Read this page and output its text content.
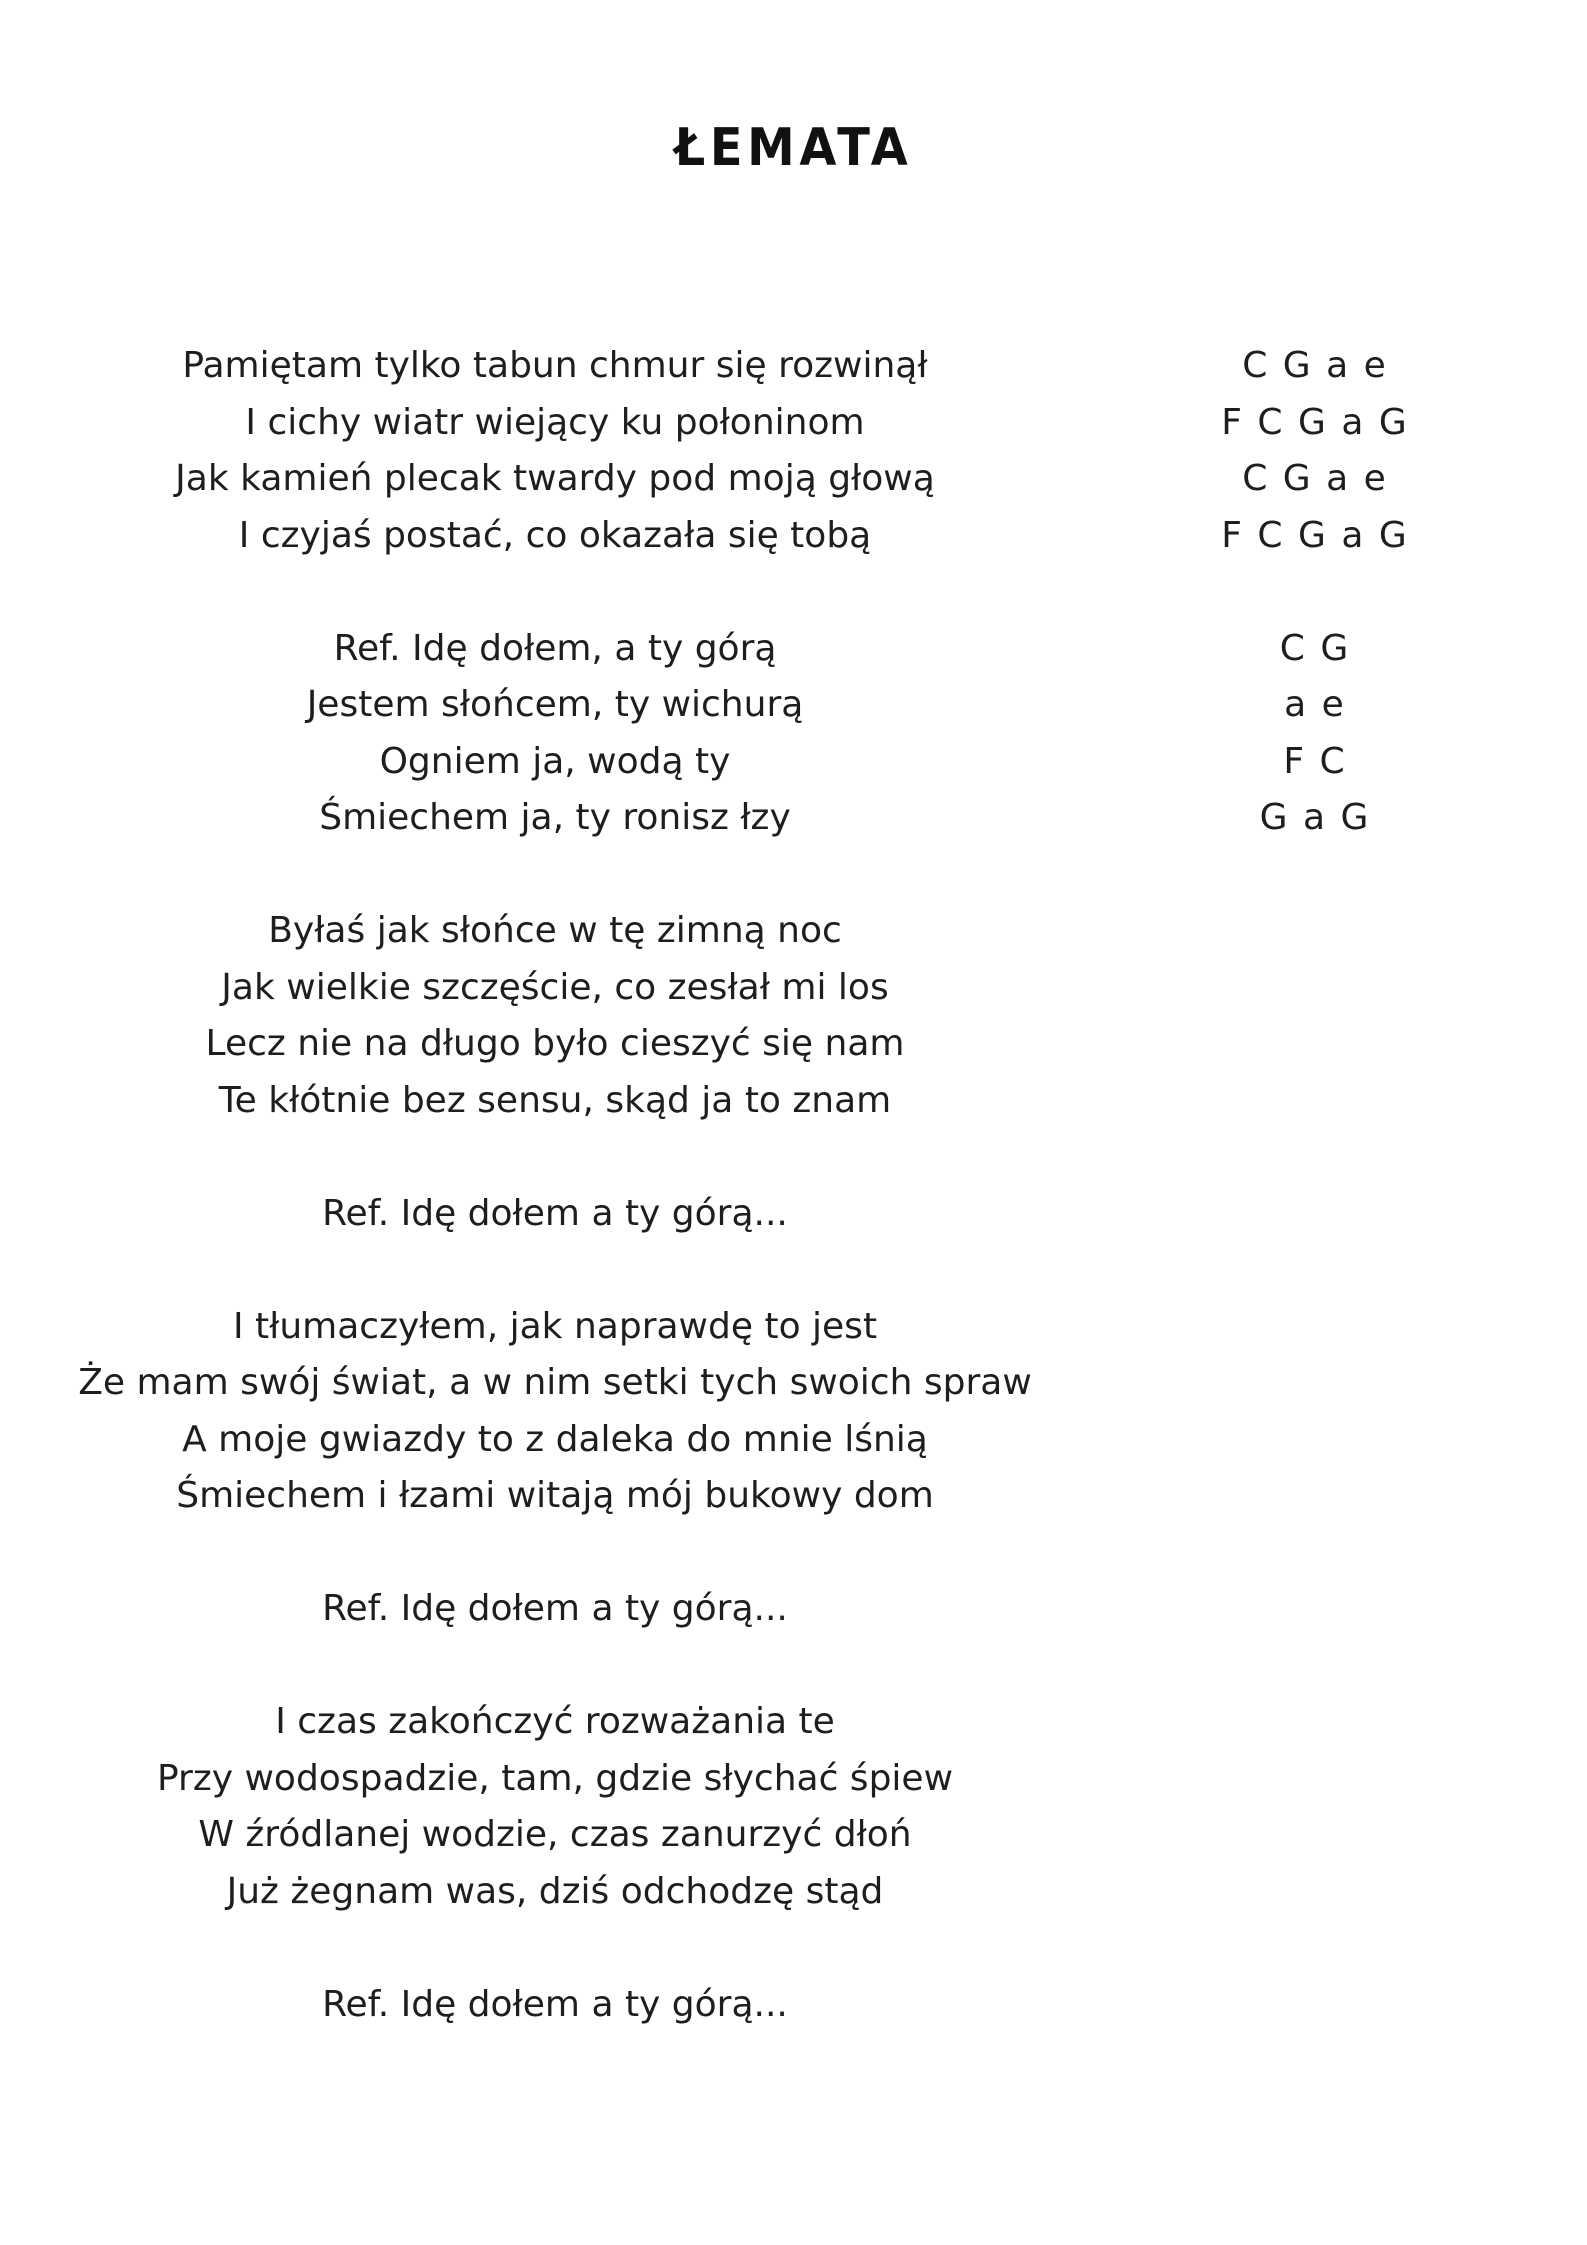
ŁEMATA
Pamiętam tylko tabun chmur się rozwinął
I cichy wiatr wiejący ku połoninom
Jak kamień plecak twardy pod moją głową
I czyjaś postać, co okazała się tobą
Ref. Idę dołem, a ty górą
Jestem słońcem, ty wichurą
Ogniem ja, wodą ty
Śmiechem ja, ty ronisz łzy
Byłaś jak słońce w tę zimną noc
Jak wielkie szczęście, co zesłał mi los
Lecz nie na długo było cieszyć się nam
Te kłótnie bez sensu, skąd ja to znam
Ref. Idę dołem a ty górą...
I tłumaczyłem, jak naprawdę to jest
Że mam swój świat, a w nim setki tych swoich spraw
A moje gwiazdy to z daleka do mnie lśnią
Śmiechem i łzami witają mój bukowy dom
Ref. Idę dołem a ty górą...
I czas zakończyć rozważania te
Przy wodospadzie, tam, gdzie słychać śpiew
W źródlanej wodzie, czas zanurzyć dłoń
Już żegnam was, dziś odchodzę stąd
Ref. Idę dołem a ty górą...
C G a e
F C G a G
C G a e
F C G a G
C G
a e
F C
G a G
